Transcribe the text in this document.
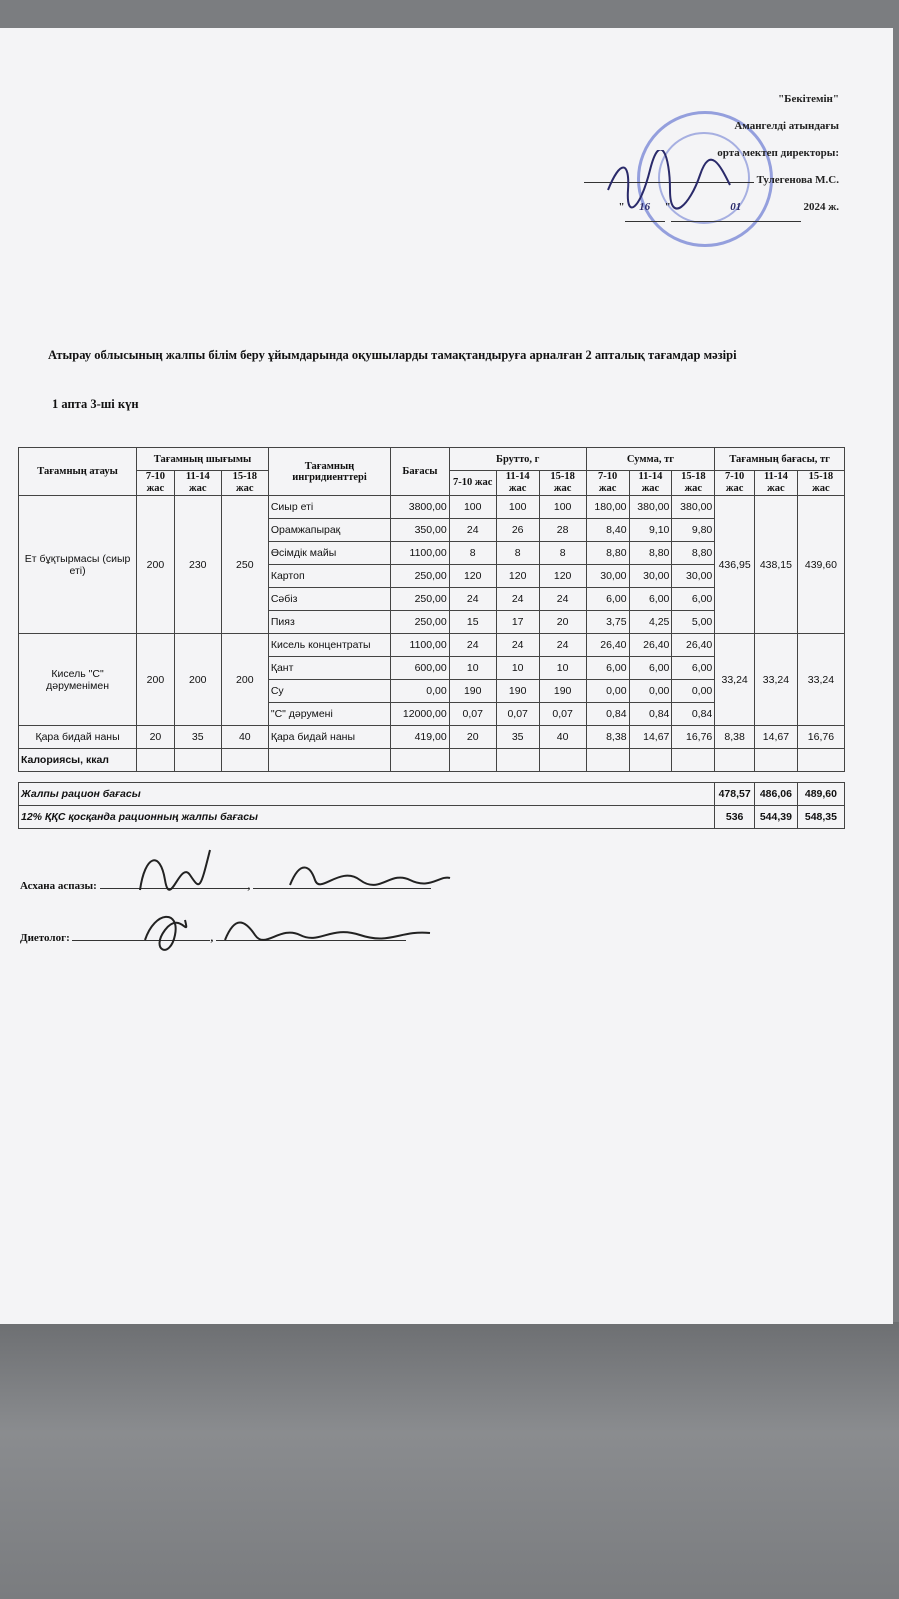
"Бекітемін"
Амангелді атындағы
орта мектеп директоры:
Тулегенова М.С.
" 16 "	01	2024 ж.
Атырау облысының жалпы білім беру ұйымдарында оқушыларды тамақтандыруға арналған 2 апталық тағамдар мәзірі
1 апта 3-ші күн
Тағамның атауы	Тағамның шығымы			Тағамның ингридиенттері	Бағасы	Брутто, г			Сумма, тг			Тағамның бағасы, тг		
	7-10 жас	11-14 жас	15-18 жас			7-10 жас	11-14 жас	15-18 жас	7-10 жас	11-14 жас	15-18 жас	7-10 жас	11-14 жас	15-18 жас
Ет бұқтырмасы (сиыр еті)	200	230	250	Сиыр еті	3800,00	100	100	100	180,00	380,00	380,00	436,95	438,15	439,60
				Орамжапырақ	350,00	24	26	28	8,40	9,10	9,80			
				Өсімдік майы	1100,00	8	8	8	8,80	8,80	8,80			
				Картоп	250,00	120	120	120	30,00	30,00	30,00			
				Сәбіз	250,00	24	24	24	6,00	6,00	6,00			
				Пияз	250,00	15	17	20	3,75	4,25	5,00			
Кисель "С" дәруменімен	200	200	200	Кисель концентраты	1100,00	24	24	24	26,40	26,40	26,40	33,24	33,24	33,24
				Қант	600,00	10	10	10	6,00	6,00	6,00			
				Су	0,00	190	190	190	0,00	0,00	0,00			
				"С" дәрумені	12000,00	0,07	0,07	0,07	0,84	0,84	0,84			
Қара бидай наны	20	35	40	Қара бидай наны	419,00	20	35	40	8,38	14,67	16,76	8,38	14,67	16,76
Калориясы, ккал														

Жалпы рацион бағасы												478,57	486,06	489,60
12% ҚҚС қосқанда рационның жалпы бағасы												536	544,39	548,35
Асхана аспазы:	,
Диетолог:	,
